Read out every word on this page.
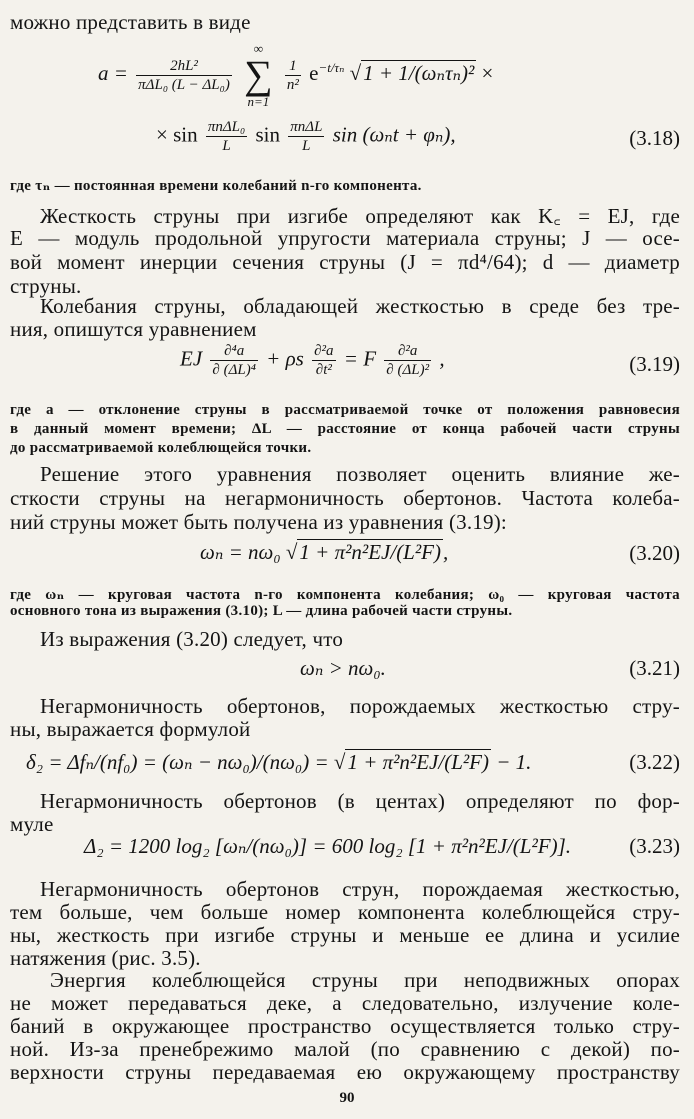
можно представить в виде
$a = \frac{\text{2hL²}}{\text{πΔL₀ (L − ΔL₀)}}$

∞
∑
n=1

$\frac{1}{\text{n²}} e^{-t/\tau_n}$ √1 + 1/(ωₙτₙ)² ×
× $\sin \frac{\text{πnΔL₀}}{L}$ $\sin \frac{\text{πnΔL}}{L}$ sin (ωₙt + φₙ),	(3.18)
где τₙ — постоянная времени колебаний n-го компонента.
Жесткость струны при изгибе определяют как K꜀ = EJ, где
E — модуль продольной упругости материала струны; J — осе-
вой момент инерции сечения струны (J = πd⁴/64); d — диаметр
струны.
Колебания струны, обладающей жесткостью в среде без тре-
ния, опишутся уравнением
EJ $\frac{\text{∂⁴a}}{\text{∂ (ΔL)⁴}} + \rho s \frac{\text{∂²a}}{\text{∂t²}} = F \frac{\text{∂²a}}{\text{∂ (ΔL)²}}$ ,	(3.19)
где a — отклонение струны в рассматриваемой точке от положения равновесия
в данный момент времени; ΔL — расстояние от конца рабочей части струны
до рассматриваемой колеблющейся точки.
Решение этого уравнения позволяет оценить влияние же-
сткости струны на негармоничность обертонов. Частота колеба-
ний струны может быть получена из уравнения (3.19):
ωₙ = nω₀ √1 + π²n²EJ/(L²F),	(3.20)
где ωₙ — круговая частота n-го компонента колебания; ω₀ — круговая частота
основного тона из выражения (3.10); L — длина рабочей части струны.
Из выражения (3.20) следует, что
ωₙ > nω₀.	(3.21)
Негармоничность обертонов, порождаемых жесткостью стру-
ны, выражается формулой
δ₂ = Δfₙ/(nf₀) = (ωₙ − nω₀)/(nω₀) = √1 + π²n²EJ/(L²F) − 1.	(3.22)
Негармоничность обертонов (в центах) определяют по фор-
муле
Δ₂ = 1200 log₂ [ωₙ/(nω₀)] = 600 log₂ [1 + π²n²EJ/(L²F)].	(3.23)
Негармоничность обертонов струн, порождаемая жесткостью,
тем больше, чем больше номер компонента колеблющейся стру-
ны, жесткость при изгибе струны и меньше ее длина и усилие
натяжения (рис. 3.5).
Энергия колеблющейся струны при неподвижных опорах
не может передаваться деке, а следовательно, излучение коле-
баний в окружающее пространство осуществляется только стру-
ной. Из-за пренебрежимо малой (по сравнению с декой) по-
верхности струны передаваемая ею окружающему пространству
90
